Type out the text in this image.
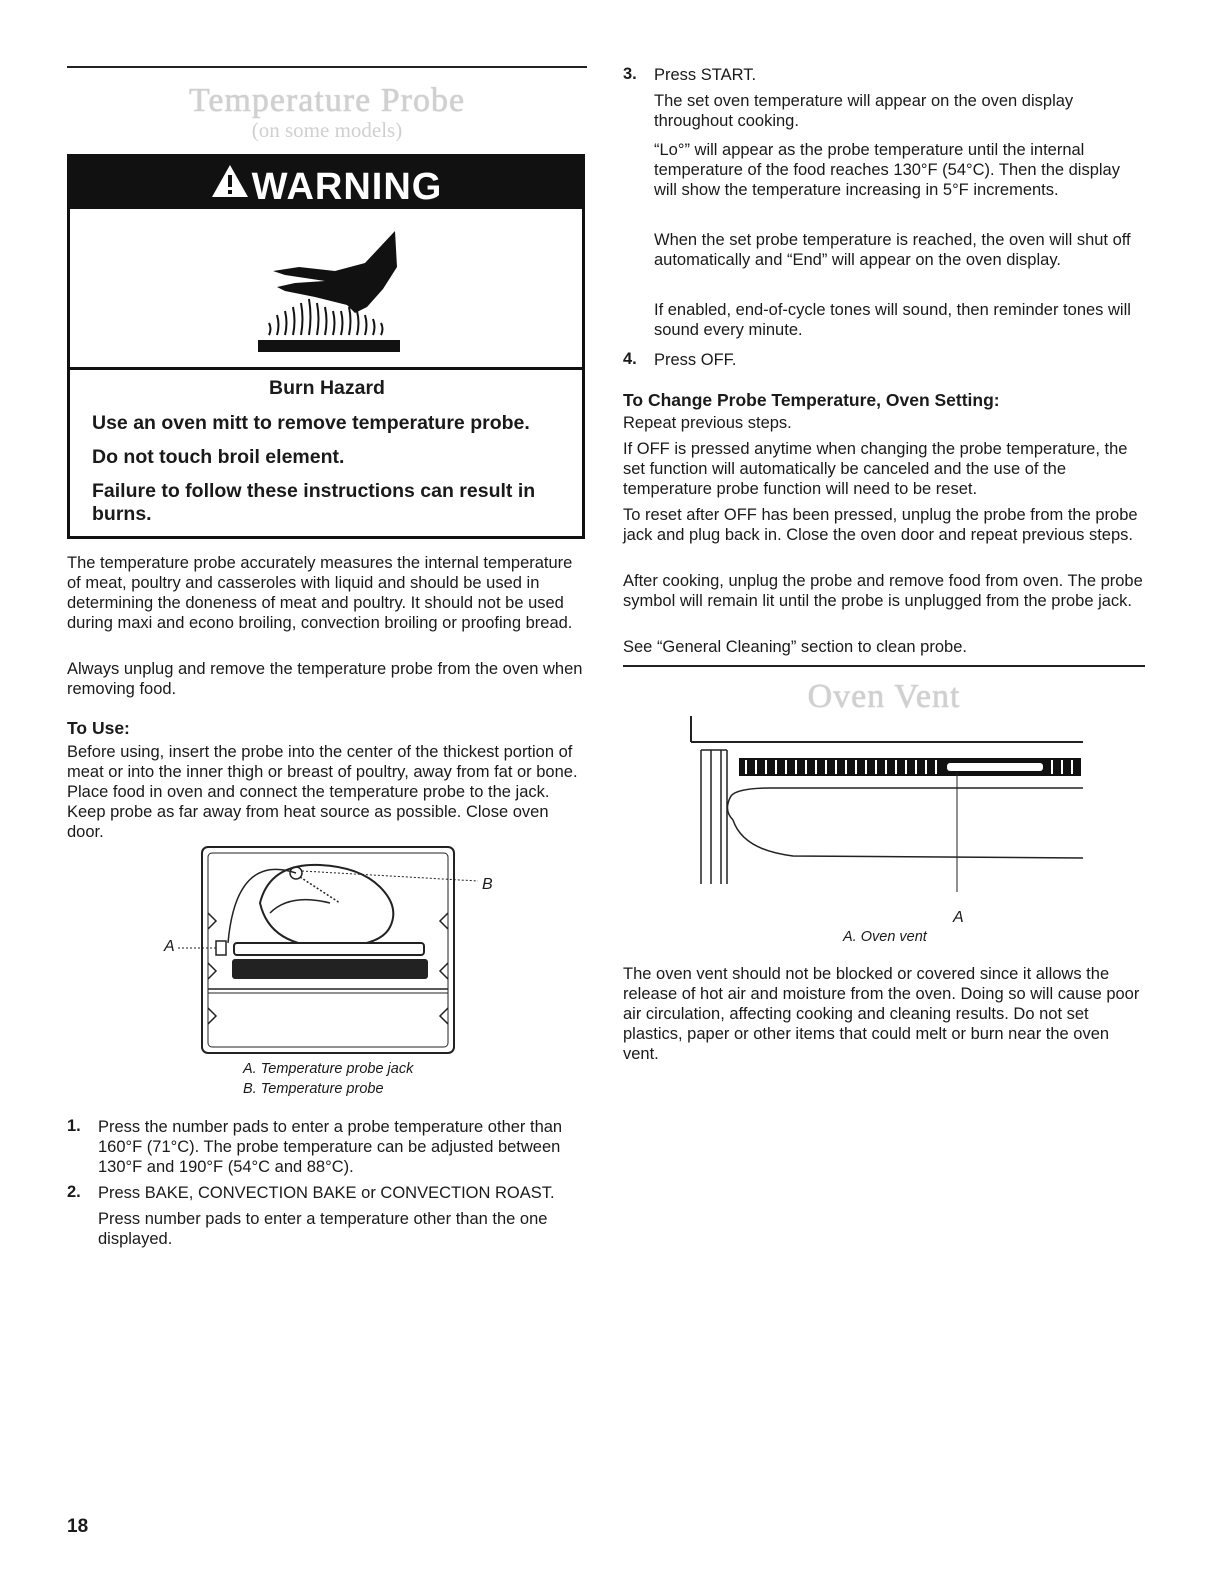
Temperature Probe
(on some models)
WARNING
Burn Hazard
Use an oven mitt to remove temperature probe.
Do not touch broil element.
Failure to follow these instructions can result in burns.

The temperature probe accurately measures the internal temperature of meat, poultry and casseroles with liquid and should be used in determining the doneness of meat and poultry. It should not be used during maxi and econo broiling, convection broiling or proofing bread.

Always unplug and remove the temperature probe from the oven when removing food.

To Use:

Before using, insert the probe into the center of the thickest portion of meat or into the inner thigh or breast of poultry, away from fat or bone. Place food in oven and connect the temperature probe to the jack. Keep probe as far away from heat source as possible. Close oven door.

A
B
A. Temperature probe jack
B. Temperature probe
1. Press the number pads to enter a probe temperature other than 160°F (71°C). The probe temperature can be adjusted between 130°F and 190°F (54°C and 88°C).

2. Press BAKE, CONVECTION BAKE or CONVECTION ROAST.

Press number pads to enter a temperature other than the one displayed.

3. Press START.

The set oven temperature will appear on the oven display throughout cooking.

“Lo°” will appear as the probe temperature until the internal temperature of the food reaches 130°F (54°C). Then the display will show the temperature increasing in 5°F increments.

When the set probe temperature is reached, the oven will shut off automatically and “End” will appear on the oven display.

If enabled, end-of-cycle tones will sound, then reminder tones will sound every minute.

4. Press OFF.

To Change Probe Temperature, Oven Setting:

Repeat previous steps.

If OFF is pressed anytime when changing the probe temperature, the set function will automatically be canceled and the use of the temperature probe function will need to be reset.

To reset after OFF has been pressed, unplug the probe from the probe jack and plug back in. Close the oven door and repeat previous steps.

After cooking, unplug the probe and remove food from oven. The probe symbol will remain lit until the probe is unplugged from the probe jack.

See “General Cleaning” section to clean probe.

Oven Vent
A
A. Oven vent

The oven vent should not be blocked or covered since it allows the release of hot air and moisture from the oven. Doing so will cause poor air circulation, affecting cooking and cleaning results. Do not set plastics, paper or other items that could melt or burn near the oven vent.

18
